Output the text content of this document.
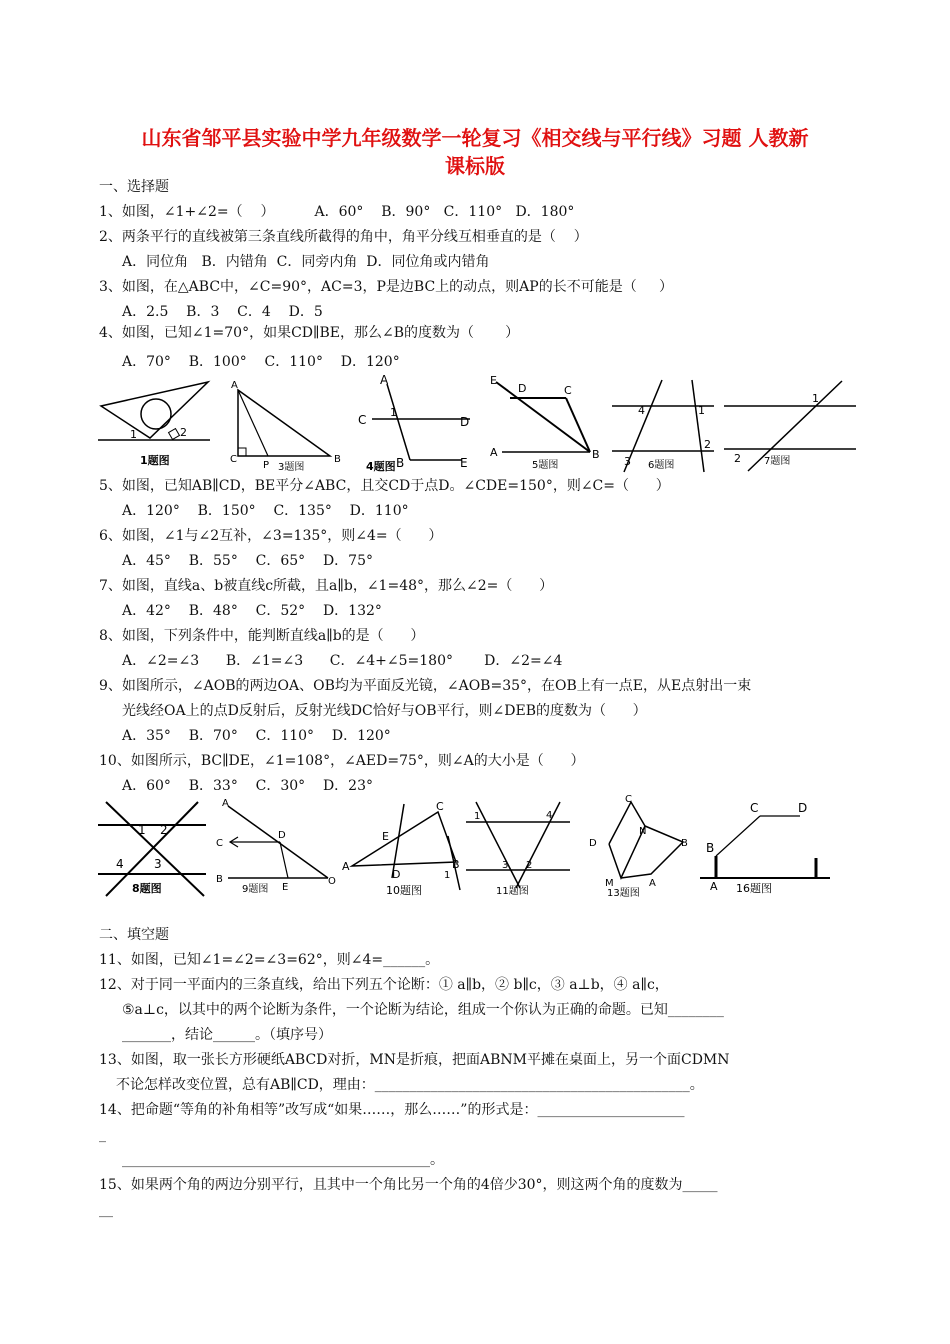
山东省邹平县实验中学九年级数学一轮复习《相交线与平行线》习题 人教新
课标版
一、选择题
1、如图，∠1+∠2=（    ）         A．60°    B．90°   C．110°   D．180°
2、两条平行的直线被第三条直线所截得的角中，角平分线互相垂直的是（    ）
A．同位角   B．内错角  C．同旁内角  D．同位角或内错角
3、如图，在△ABC中，∠C=90°，AC=3，P是边BC上的动点，则AP的长不可能是（     ）
A．2.5    B．3    C．4    D．5
4、如图，已知∠1=70°，如果CD∥BE，那么∠B的度数为（       ）
A．70°    B．100°    C．110°    D．120°
1	2
1题图
A
C
P
B
3题图
A
C
1
D
B	E
4题图
E
D	C
A	B
5题图
4	1
2
3 6题图
1
2 7题图
5、如图，已知AB∥CD，BE平分∠ABC，且交CD于点D。∠CDE=150°，则∠C=（      ）
A．120°    B．150°    C．135°    D．110°
6、如图，∠1与∠2互补，∠3=135°，则∠4=（      ）
A．45°    B．55°    C．65°    D．75°
7、如图，直线a、b被直线c所截，且a∥b，∠1=48°，那么∠2=（      ）
A．42°    B．48°    C．52°    D．132°
8、如图，下列条件中，能判断直线a∥b的是（      ）
A．∠2=∠3      B．∠1=∠3      C．∠4+∠5=180°       D．∠2=∠4
9、如图所示，∠AOB的两边OA、OB均为平面反光镜，∠AOB=35°，在OB上有一点E，从E点射出一束
光线经OA上的点D反射后，反射光线DC恰好与OB平行，则∠DEB的度数为（      ）
A．35°    B．70°    C．110°    D．120°
10、如图所示，BC∥DE，∠1=108°，∠AED=75°，则∠A的大小是（      ）
A．60°    B．33°    C．30°    D．23°
1 2
4	3
8题图
A
C
D
B
E
O
9题图
A
C
E
D
B
1
10题图
1	4
3 2
11题图
C
N
D	B
M	A
13题图
B
C	D
A 16题图
二、填空题
11、如图，已知∠1=∠2=∠3=62°，则∠4=______。
12、对于同一平面内的三条直线，给出下列五个论断：① a∥b，② b∥c，③ a⊥b，④ a∥c，
⑤a⊥c，以其中的两个论断为条件，一个论断为结论，组成一个你认为正确的命题。已知________
_______，结论______。（填序号）
13、如图，取一张长方形硬纸ABCD对折，MN是折痕，把面ABNM平摊在桌面上，另一个面CDMN
不论怎样改变位置，总有AB∥CD，理由：_____________________________________________。
14、把命题“等角的补角相等”改写成“如果……，那么……”的形式是：_____________________
_
____________________________________________。
15、如果两个角的两边分别平行，且其中一个角比另一个角的4倍少30°，则这两个角的度数为_____
__
